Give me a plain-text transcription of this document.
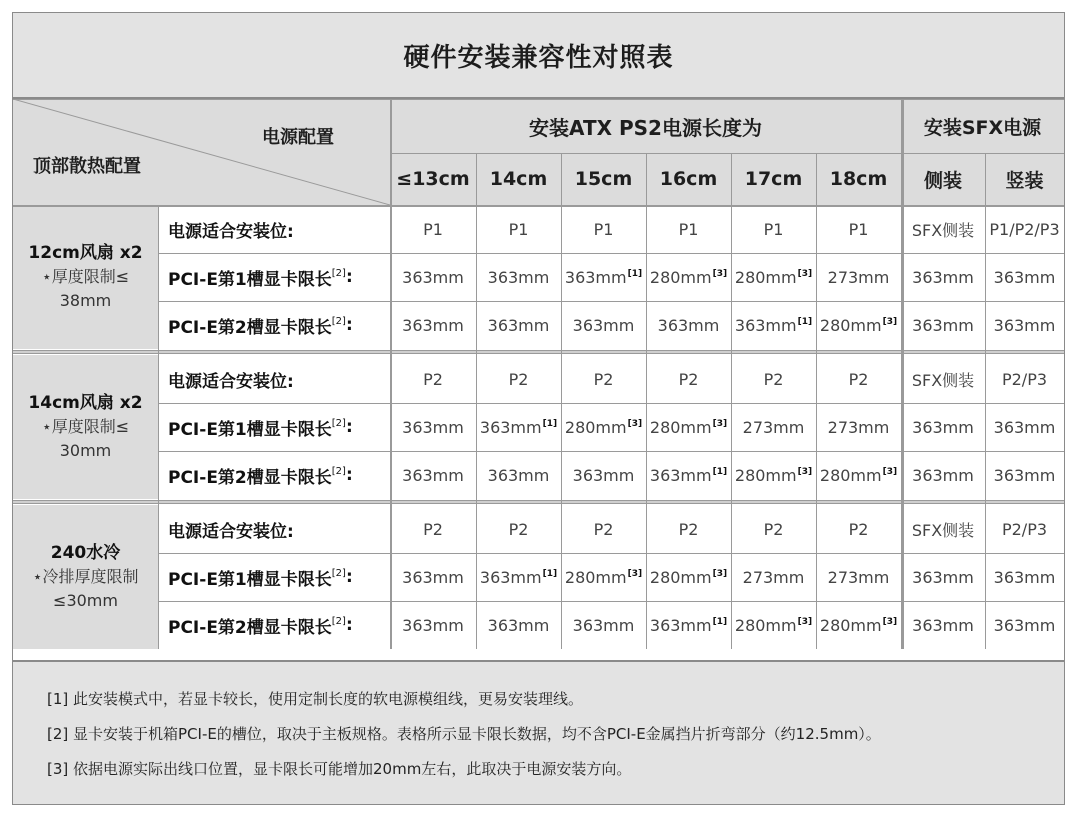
硬件安装兼容性对照表
电源配置
顶部散热配置
安装ATX PS2电源长度为	安装SFX电源
≤13cm	14cm	15cm	16cm	17cm	18cm	侧装	竖装
12cm风扇 x2
⋆厚度限制≤
38mm
电源适合安装位:	P1	P1	P1	P1	P1	P1	SFX侧装 P1/P2/P3
PCI-E第1槽显卡限长[2] :	363mm 363mm 363mm[1] 280mm[3] 280mm[3] 273mm 363mm 363mm
PCI-E第2槽显卡限长[2] :	363mm 363mm 363mm 363mm 363mm[1] 280mm[3] 363mm 363mm
14cm风扇 x2
⋆厚度限制≤
30mm
电源适合安装位:	P2	P2	P2	P2	P2	P2	SFX侧装 P2/P3
PCI-E第1槽显卡限长[2] :	363mm 363mm[1] 280mm[3] 280mm[3] 273mm 273mm 363mm 363mm
PCI-E第2槽显卡限长[2] :	363mm 363mm 363mm 363mm[1] 280mm[3] 280mm[3] 363mm 363mm
240水冷
⋆冷排厚度限制
≤30mm
电源适合安装位:	P2	P2	P2	P2	P2	P2	SFX侧装 P2/P3
PCI-E第1槽显卡限长[2] :	363mm 363mm[1] 280mm[3] 280mm[3] 273mm 273mm 363mm 363mm
PCI-E第2槽显卡限长[2] :	363mm 363mm 363mm 363mm[1] 280mm[3] 280mm[3] 363mm 363mm
[1] 此安装模式中，若显卡较长，使用定制长度的软电源模组线，更易安装理线。
[2] 显卡安装于机箱PCI-E的槽位，取决于主板规格。表格所示显卡限长数据，均不含PCI-E金属挡片折弯部分（约12.5mm）。
[3] 依据电源实际出线口位置，显卡限长可能增加20mm左右，此取决于电源安装方向。
